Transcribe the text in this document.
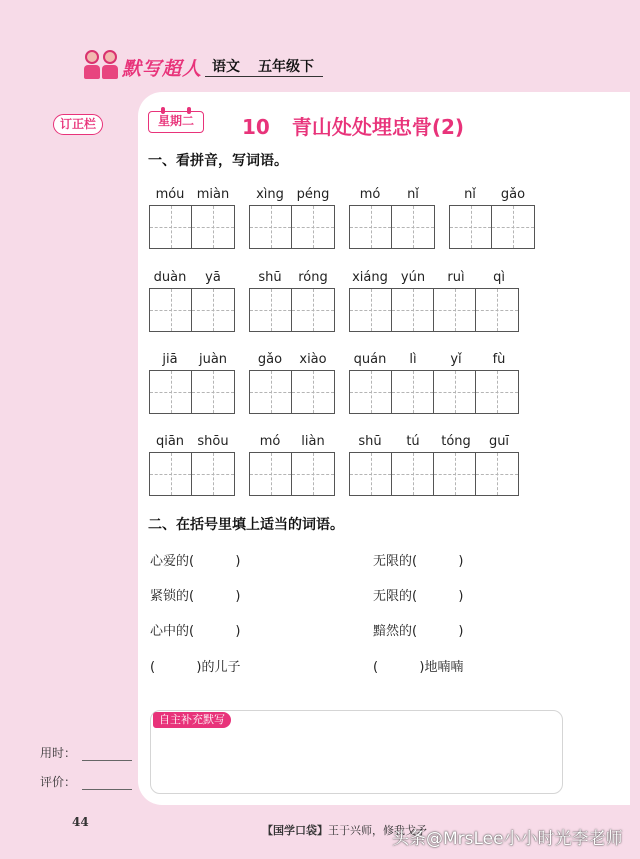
默写超人 语文 五年级下
订正栏
用时：
评价：
星期二	10 青山处处埋忠骨(2)
一、看拼音，写词语。
móu miàn	xìng péng	mó	nǐ	nǐ	gǎo
duàn	yā	shū	róng	xiáng	yún	ruì	qì
jiā	juàn	gǎo	xiào	quán	lì	yǐ	fù
qiān	shōu	mó	liàn	shū	tú	tóng	guī
二、在括号里填上适当的词语。
心爱的(          )	无限的(          )
紧锁的(          )	无限的(          )
心中的(          )	黯然的(          )
(          )的儿子	(          )地喃喃
自主补充默写
44
【国学口袋】王于兴师，修我戈矛
头条@MrsLee小小时光李老师
